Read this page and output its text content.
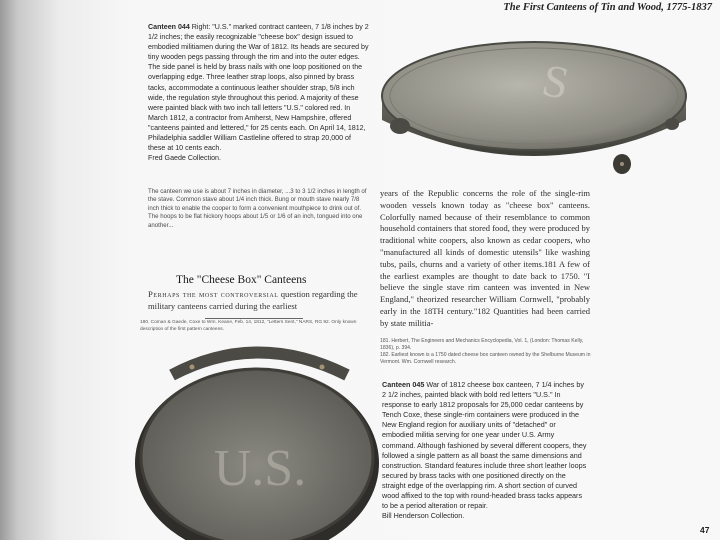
The First Canteens of Tin and Wood, 1775-1837
S

Canteen 044 Right: "U.S." marked contract canteen, 7 1/8 inches by 2 1/2 inches; the easily recognizable "cheese box" design issued to embodied militiamen during the War of 1812. Its heads are secured by tiny wooden pegs passing through the rim and into the outer edges. The side panel is held by brass nails with one loop positioned on the overlapping edge. Three leather strap loops, also pinned by brass tacks, accommodate a continuous leather shoulder strap, 5/8 inch wide, the regulation style throughout this period. A majority of these were painted black with two inch tall letters "U.S." colored red. In March 1812, a contractor from Amherst, New Hampshire, offered "canteens painted and lettered," for 25 cents each. On April 14, 1812, Philadelphia saddler William Castleline offered to strap 20,000 of these at 10 cents each.

Fred Gaede Collection.

The canteen we use is about 7 inches in diameter, ...3 to 3 1/2 inches in length of the stave. Common stave about 1/4 inch thick. Bung or mouth stave nearly 7/8 inch thick to enable the cooper to form a convenient mouthpiece to drink out of. The hoops to be flat hickory hoops about 1/5 or 1/6 of an inch, tongued into one another...
The "Cheese Box" Canteens
Perhaps the most controversial question regarding the military canteens carried during the earliest
180. Coman & Gaede, Coxe to Wm. Keane, Feb. 14, 1812, "Letters Sent," NARS, RG 92. Only known description of the first pattern canteens.
U.S.
years of the Republic concerns the role of the single-rim wooden vessels known today as "cheese box" canteens. Colorfully named because of their resemblance to common household containers that stored food, they were produced by traditional white coopers, also known as cedar coopers, who "manufactured all kinds of domestic utensils" like washing tubs, pails, churns and a variety of other items.181 A few of the earliest examples are thought to date back to 1750. "I believe the single stave rim canteen was invented in New England," theorized researcher William Cornwell, "probably early in the 18TH century."182 Quantities had been carried by state militia-

181. Herbert, The Engineers and Mechanics Encyclopedia, Vol. 1, (London: Thomas Kelly, 1836), p. 394.

182. Earliest known is a 1750 dated cheese box canteen owned by the Shelburne Museum in Vermont. Wm. Cornwell research.

Canteen 045 War of 1812 cheese box canteen, 7 1/4 inches by 2 1/2 inches, painted black with bold red letters "U.S." In response to early 1812 proposals for 25,000 cedar canteens by Tench Coxe, these single-rim containers were produced in the New England region for auxiliary units of "detached" or embodied militia serving for one year under U.S. Army command. Although fashioned by several different coopers, they followed a single pattern as all boast the same dimensions and construction. Standard features include three short leather loops secured by brass tacks with one positioned directly on the straight edge of the overlapping rim. A short section of curved wood affixed to the top with round-headed brass tacks appears to be a period alteration or repair.

Bill Henderson Collection.

47
